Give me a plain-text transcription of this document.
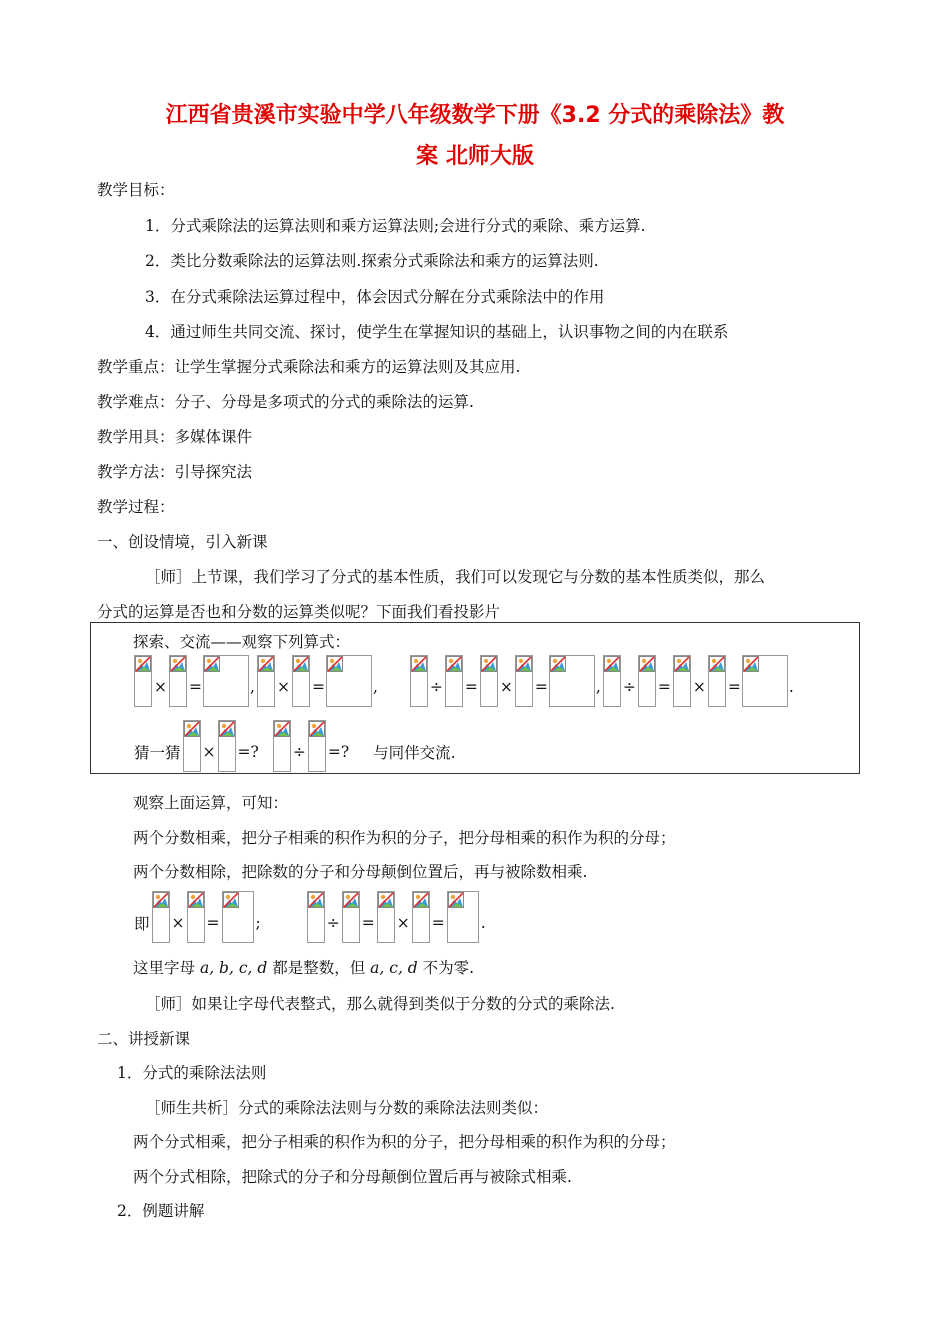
江西省贵溪市实验中学八年级数学下册《3.2 分式的乘除法》教
案 北师大版
教学目标：
1．分式乘除法的运算法则和乘方运算法则;会进行分式的乘除、乘方运算.
2．类比分数乘除法的运算法则.探索分式乘除法和乘方的运算法则.
3．在分式乘除法运算过程中，体会因式分解在分式乘除法中的作用
4．通过师生共同交流、探讨，使学生在掌握知识的基础上，认识事物之间的内在联系
教学重点：让学生掌握分式乘除法和乘方的运算法则及其应用.
教学难点：分子、分母是多项式的分式的乘除法的运算.
教学用具：多媒体课件
教学方法：引导探究法
教学过程：
一、创设情境，引入新课
［师］上节课，我们学习了分式的基本性质，我们可以发现它与分数的基本性质类似，那么
分式的运算是否也和分数的运算类似呢？下面我们看投影片
探索、交流——观察下列算式：
× =	, × =	,	÷ = × =	, ÷ = × =	.
猜一猜 × =? ÷ =? 与同伴交流.
观察上面运算，可知：
两个分数相乘，把分子相乘的积作为积的分子，把分母相乘的积作为积的分母；
两个分数相除，把除数的分子和分母颠倒位置后，再与被除数相乘.
即 × = ;	÷ = × = .
这里字母 a, b, c, d 都是整数，但 a, c, d 不为零.
［师］如果让字母代表整式，那么就得到类似于分数的分式的乘除法.
二、讲授新课
1．分式的乘除法法则
［师生共析］分式的乘除法法则与分数的乘除法法则类似：
两个分式相乘，把分子相乘的积作为积的分子，把分母相乘的积作为积的分母；
两个分式相除，把除式的分子和分母颠倒位置后再与被除式相乘.
2．例题讲解
